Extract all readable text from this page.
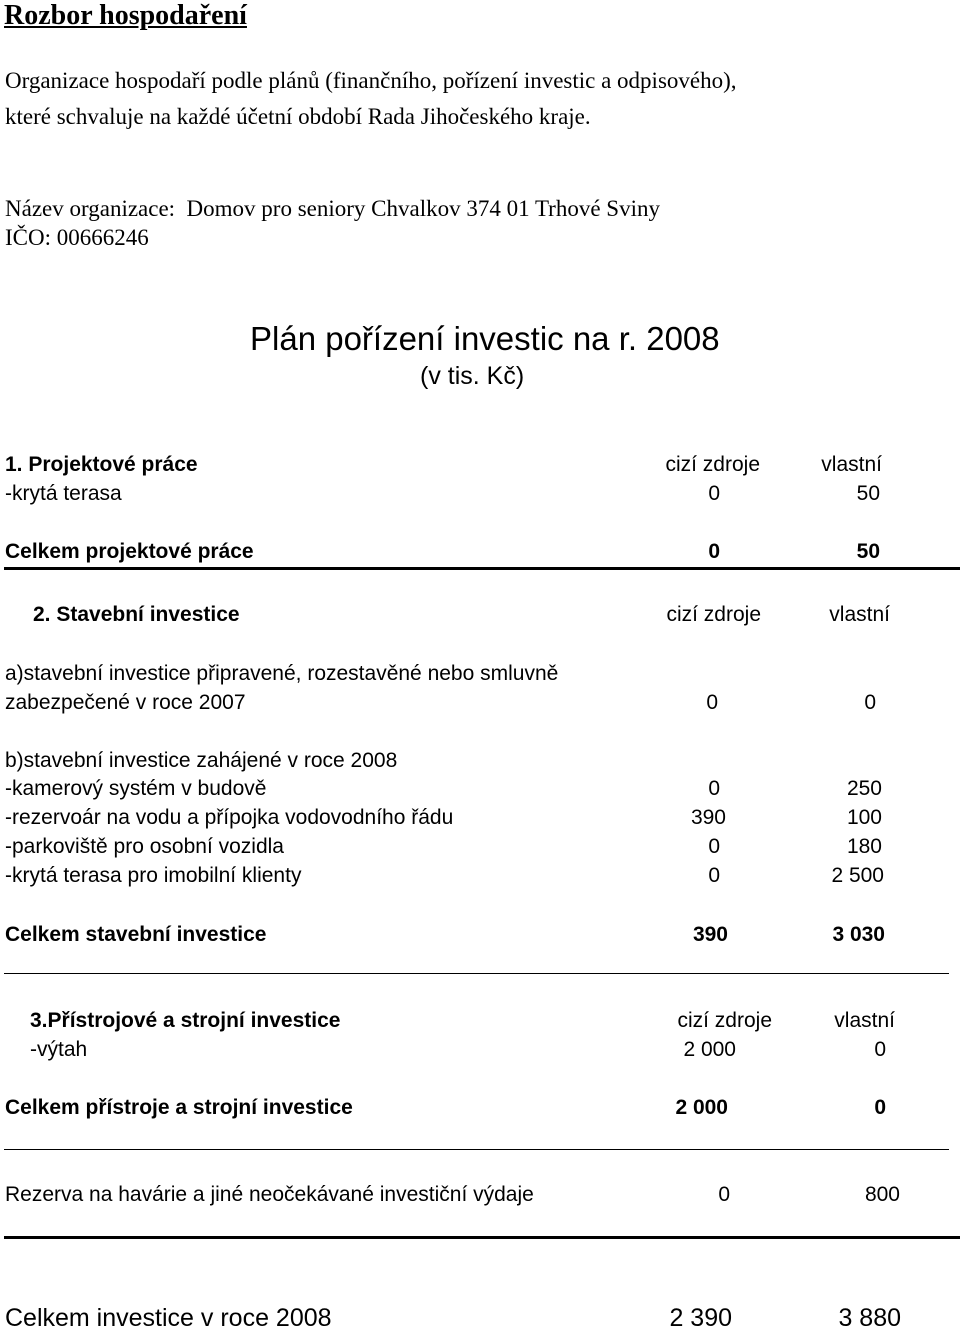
Rozbor hospodaření
Organizace hospodaří podle plánů (finančního, pořízení investic a odpisového),
které schvaluje na každé účetní období Rada Jihočeského kraje.
Název organizace:  Domov pro seniory Chvalkov 374 01 Trhové Sviny
IČO: 00666246
Plán pořízení investic na r. 2008
(v tis. Kč)
1. Projektové práce	cizí zdroje	vlastní
-krytá terasa	0	50
Celkem projektové práce	0	50
2. Stavební investice	cizí zdroje	vlastní
a)stavební investice připravené, rozestavěné nebo smluvně
zabezpečené v roce 2007	0	0
b)stavební investice zahájené v roce 2008
-kamerový systém v budově	0	250
-rezervoár na vodu a přípojka vodovodního řádu	390	100
-parkoviště pro osobní vozidla	0	180
-krytá terasa pro imobilní klienty	0	2 500
Celkem stavební investice	390	3 030
3.Přístrojové a strojní investice	cizí zdroje	vlastní
-výtah	2 000	0
Celkem přístroje a strojní investice	2 000	0
Rezerva na havárie a jiné neočekávané investiční výdaje	0	800
Celkem investice v roce 2008	2 390	3 880
